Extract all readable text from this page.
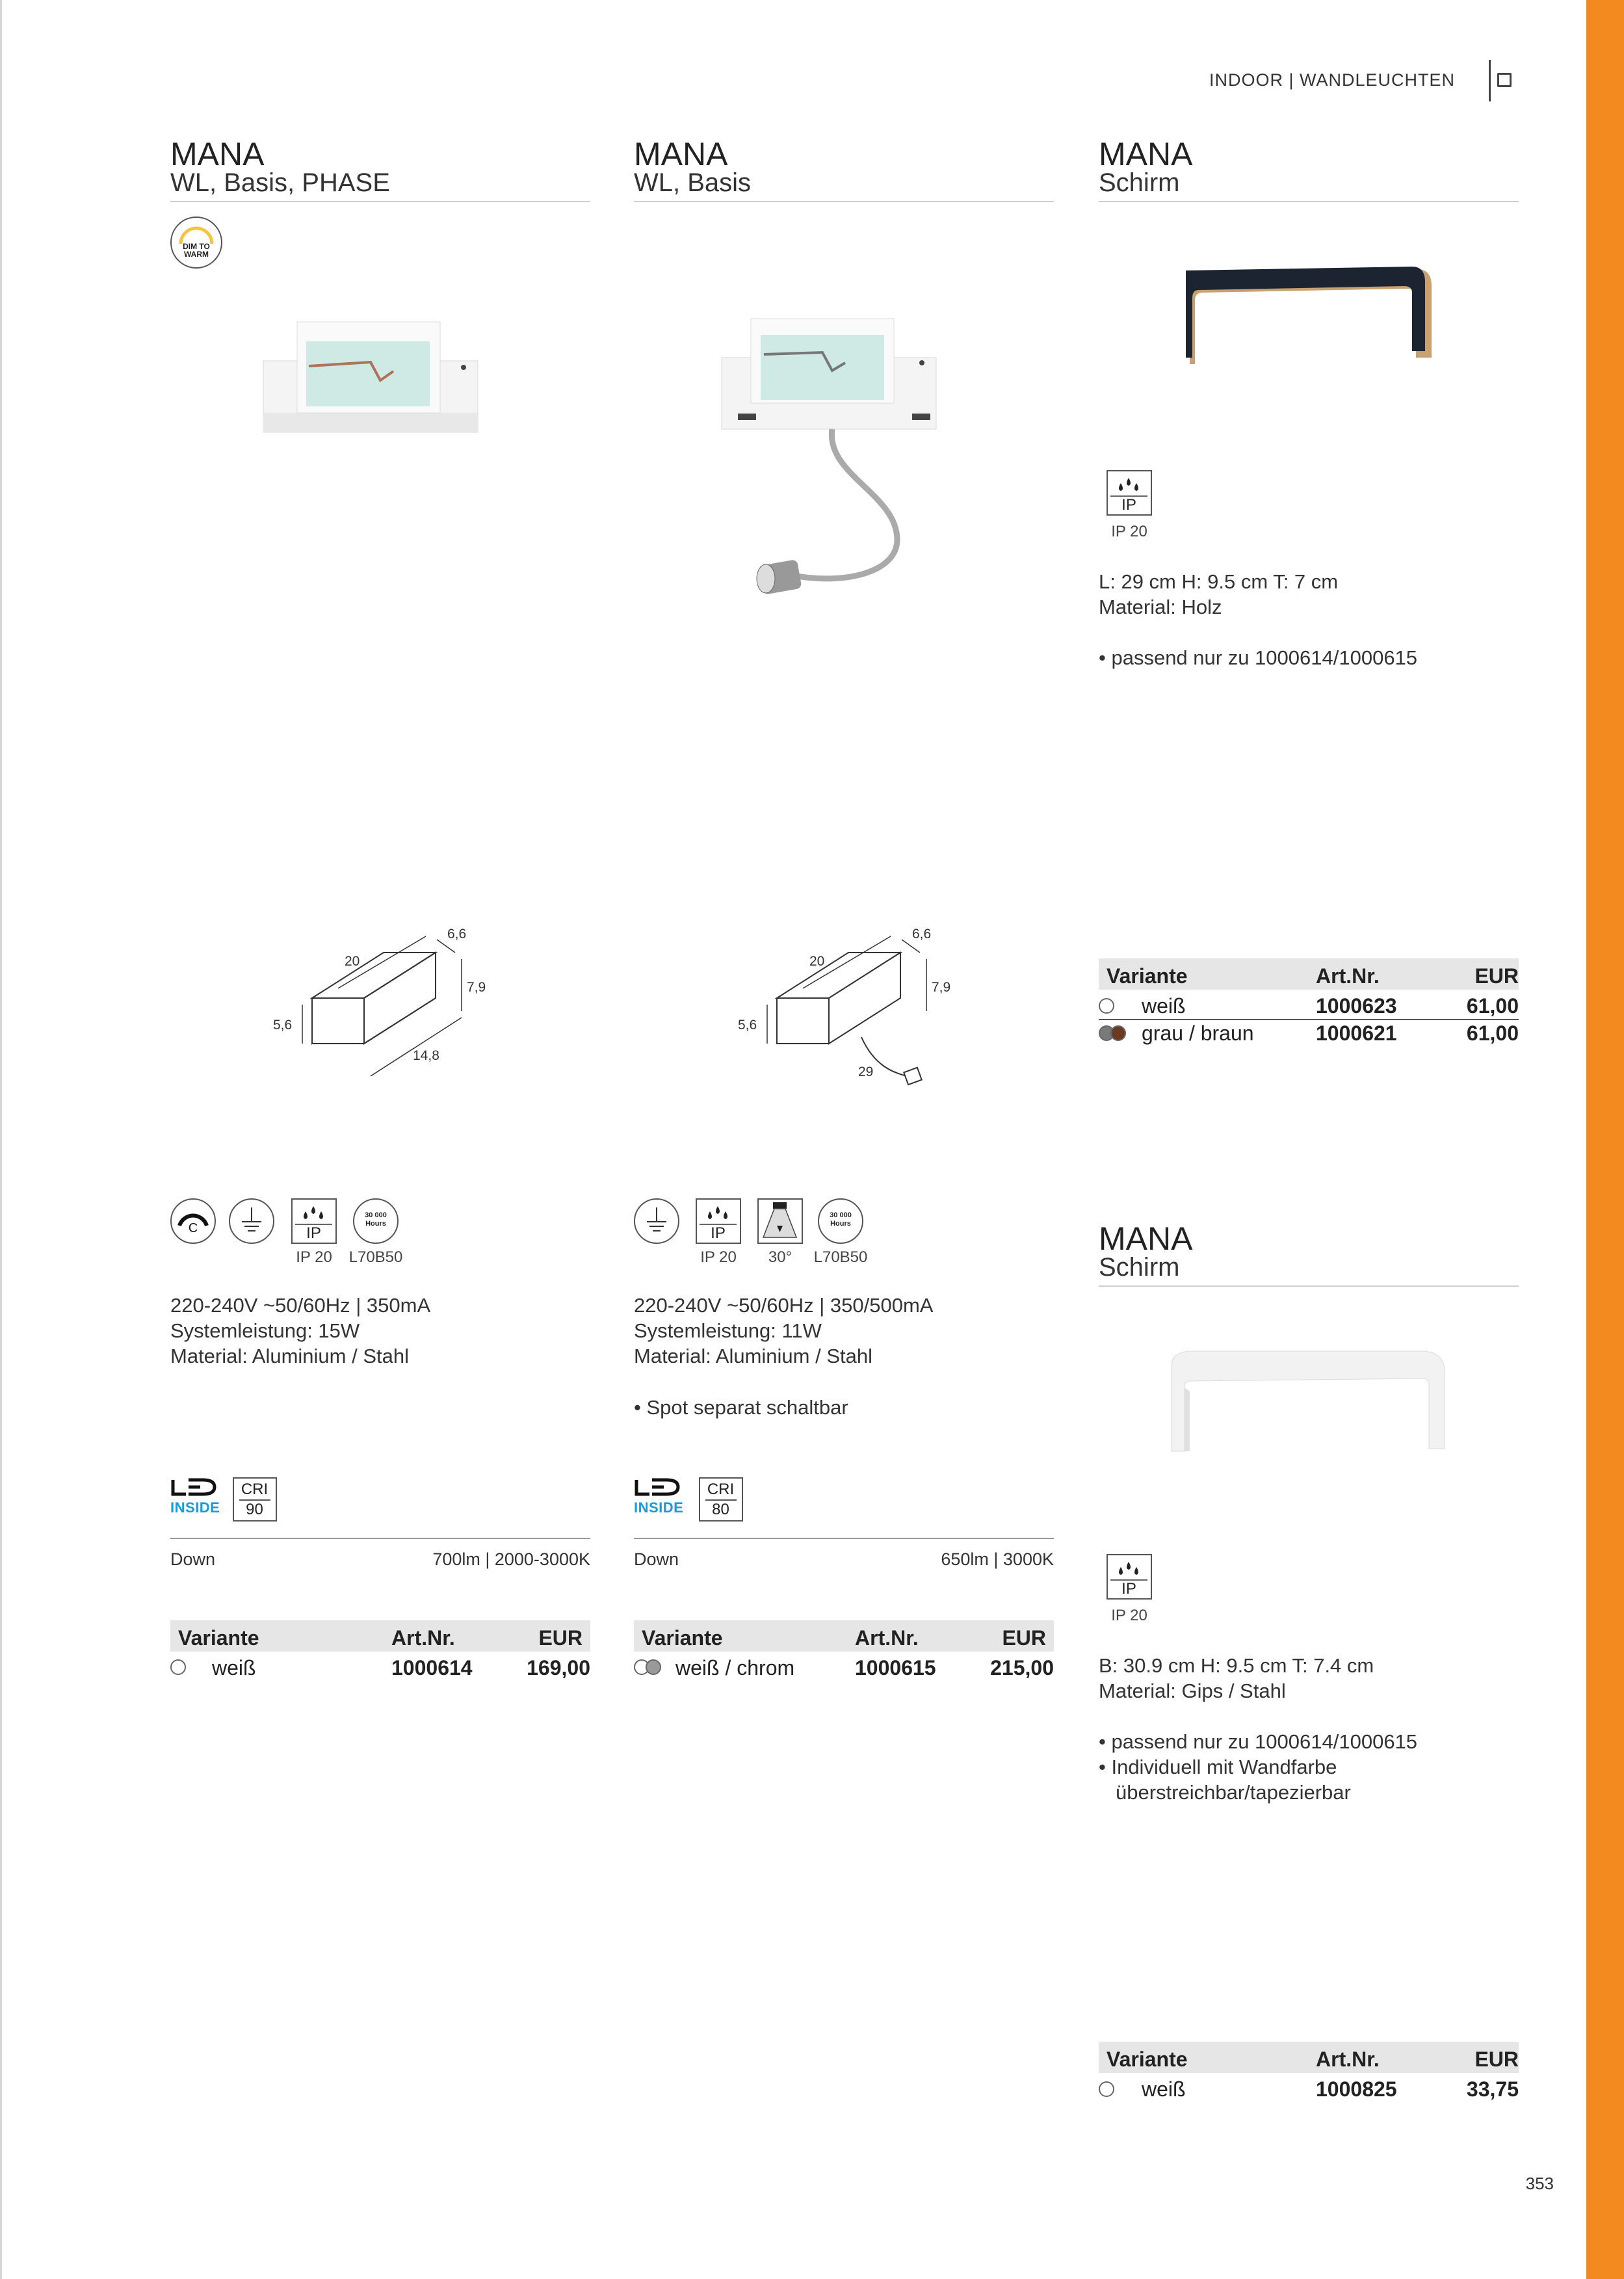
INDOOR | WANDLEUCHTEN
MANA
WL, Basis, PHASE
DIM TO
WARM
20
6,6
7,9
5,6
14,8
C	IP
30 000 Hours
IP 20	L70B50
220-240V ~50/60Hz | 350mA
Systemleistung: 15W
Material: Aluminium / Stahl
INSIDE
CRI
90
Down	700lm | 2000-3000K
Variante	Art.Nr.	EUR
weiß	1000614	169,00
MANA
WL, Basis
20
6,6
7,9
5,6
29
IP
30 000 Hours
IP 20	30°	L70B50
220-240V ~50/60Hz | 350/500mA
Systemleistung: 11W
Material: Aluminium / Stahl
• Spot separat schaltbar
INSIDE
CRI
80
Down	650lm | 3000K
Variante	Art.Nr.	EUR
weiß / chrom	1000615	215,00
MANA
Schirm
IP
IP 20
L: 29 cm H: 9.5 cm T: 7 cm
Material: Holz
• passend nur zu 1000614/1000615
Variante	Art.Nr.	EUR
weiß	1000623	61,00
grau / braun	1000621	61,00
MANA
Schirm
IP
IP 20
B: 30.9 cm H: 9.5 cm T: 7.4 cm
Material: Gips / Stahl
• passend nur zu 1000614/1000615
• Individuell mit Wandfarbe
überstreichbar/tapezierbar
Variante	Art.Nr.	EUR
weiß	1000825	33,75
353
